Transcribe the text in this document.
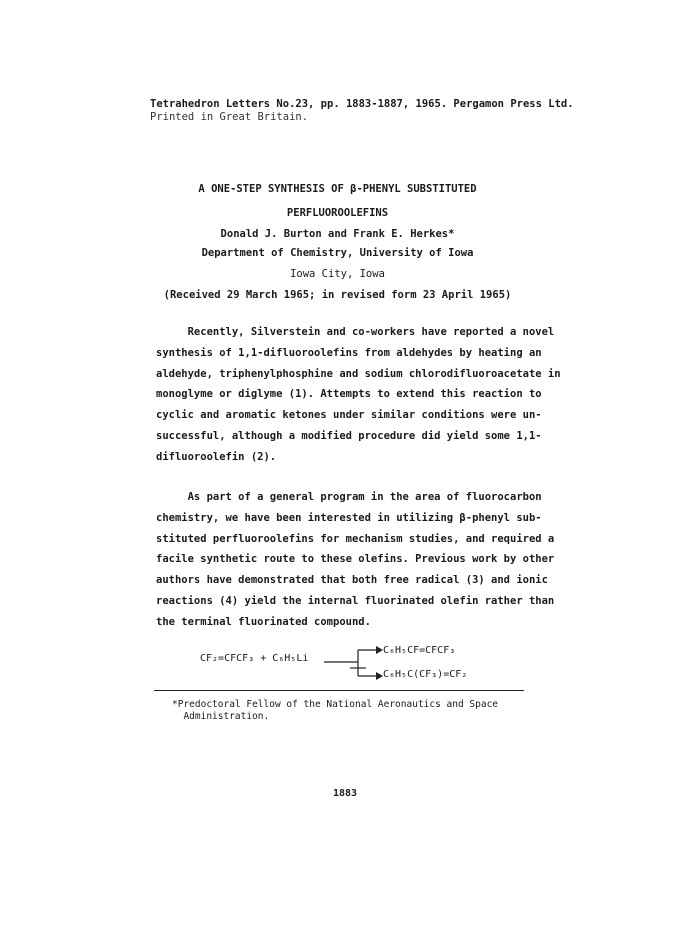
Tetrahedron Letters No.23, pp. 1883-1887, 1965. Pergamon Press Ltd.
Printed in Great Britain.
A ONE-STEP SYNTHESIS OF β-PHENYL SUBSTITUTED
PERFLUOROOLEFINS
Donald J. Burton and Frank E. Herkes*
Department of Chemistry, University of Iowa
Iowa City, Iowa
(Received 29 March 1965; in revised form 23 April 1965)
Recently, Silverstein and co-workers have reported a novel
synthesis of 1,1-difluoroolefins from aldehydes by heating an
aldehyde, triphenylphosphine and sodium chlorodifluoroacetate in
monoglyme or diglyme (1). Attempts to extend this reaction to
cyclic and aromatic ketones under similar conditions were un-
successful, although a modified procedure did yield some 1,1-
difluoroolefin (2).
As part of a general program in the area of fluorocarbon
chemistry, we have been interested in utilizing β-phenyl sub-
stituted perfluoroolefins for mechanism studies, and required a
facile synthetic route to these olefins. Previous work by other
authors have demonstrated that both free radical (3) and ionic
reactions (4) yield the internal fluorinated olefin rather than
the terminal fluorinated compound.
CF₂=CFCF₃ + C₆H₅Li
C₆H₅CF=CFCF₃
C₆H₅C(CF₃)=CF₂
*Predoctoral Fellow of the National Aeronautics and Space
Administration.
1883
